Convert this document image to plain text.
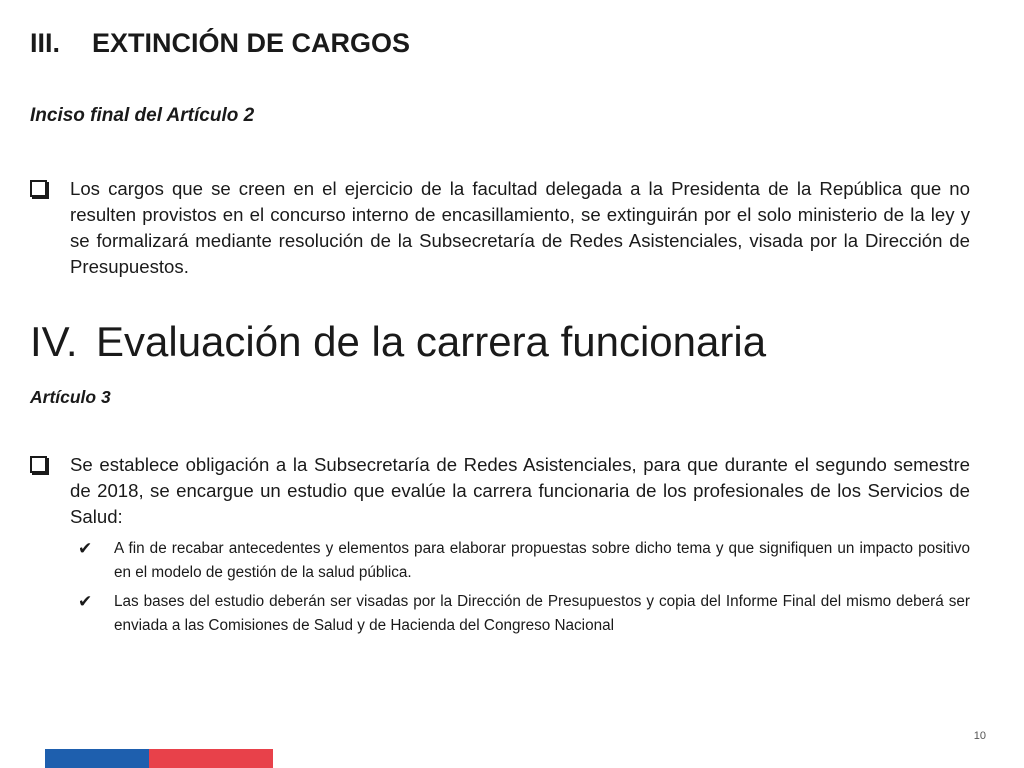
III.	EXTINCIÓN DE CARGOS
Inciso final del Artículo 2
Los cargos que se creen en el ejercicio de la facultad delegada a la Presidenta de la República que no resulten provistos en el concurso interno de encasillamiento, se extinguirán por el solo ministerio de la ley y se formalizará mediante resolución de la Subsecretaría de Redes Asistenciales, visada por la Dirección de Presupuestos.
IV. Evaluación de la carrera funcionaria
Artículo 3
Se establece obligación a la Subsecretaría de Redes Asistenciales, para que durante el segundo semestre de 2018, se encargue un estudio que evalúe la carrera funcionaria de los profesionales de los Servicios de Salud:
✔	A fin de recabar antecedentes y elementos para elaborar propuestas sobre dicho tema y que signifiquen un impacto positivo en el modelo de gestión de la salud pública.
✔	Las bases del estudio deberán ser visadas por la Dirección de Presupuestos y copia del Informe Final del mismo deberá ser enviada a las Comisiones de Salud y de Hacienda del Congreso Nacional
10
